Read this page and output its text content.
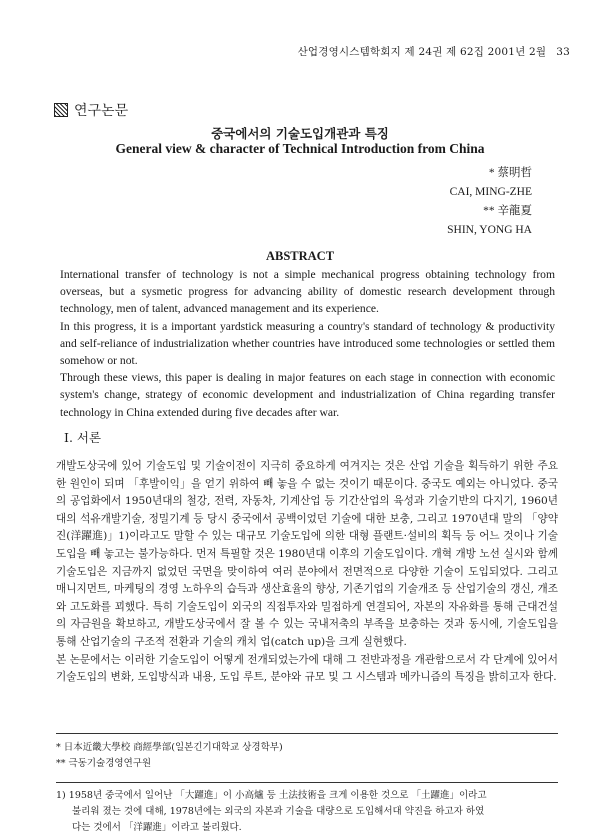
산업경영시스템학회지 제 24권 제 62집 2001년 2월 33
연구논문
중국에서의 기술도입개관과 특징
General view & character of Technical Introduction from China
* 蔡明哲
CAI, MING-ZHE
** 辛龍夏
SHIN, YONG HA
ABSTRACT

International transfer of technology is not a simple mechanical progress obtaining technology from overseas, but a sysmetic progress for advancing ability of domestic research development through technology, men of talent, advanced management and its experience.

In this progress, it is a important yardstick measuring a country's standard of technology & productivity and self-reliance of industrialization whether countries have introduced some technologies or settled them somehow or not.

Through these views, this paper is dealing in major features on each stage in connection with economic system's change, strategy of economic development and industrialization of China regarding transfer technology in China extended during five decades after war.

Ⅰ. 서론

개발도상국에 있어 기술도입 및 기술이전이 지극히 중요하게 여겨지는 것은 산업 기술을 획득하기 위한 주요한 원인이 되며 「후발이익」을 얻기 위하여 빼 놓을 수 없는 것이기 때문이다. 중국도 예외는 아니었다. 중국의 공업화에서 1950년대의 철강, 전력, 자동차, 기계산업 등 기간산업의 육성과 기술기반의 다지기, 1960년대의 석유개발기술, 정밀기계 등 당시 중국에서 공백이었던 기술에 대한 보충, 그리고 1970년대 말의 「양약진(洋躍進)」1)이라고도 말할 수 있는 대규모 기술도입에 의한 대형 플랜트·설비의 획득 등 어느 것이나 기술도입을 빼 놓고는 불가능하다. 먼저 특필할 것은 1980년대 이후의 기술도입이다. 개혁 개방 노선 실시와 함께 기술도입은 지금까지 없었던 국면을 맞이하여 여러 분야에서 전면적으로 다양한 기술이 도입되었다. 그리고 매니지먼트, 마케팅의 경영 노하우의 습득과 생산효율의 향상, 기존기업의 기술개조 등 산업기술의 갱신, 개조와 고도화를 꾀했다. 특히 기술도입이 외국의 직접투자와 밀접하게 연결되어, 자본의 자유화를 통해 근대건설의 자금원을 확보하고, 개발도상국에서 잘 볼 수 있는 국내저축의 부족을 보충하는 것과 동시에, 기술도입을 통해 산업기술의 구조적 전환과 기술의 캐치 업(catch up)을 크게 실현했다.

본 논문에서는 이러한 기술도입이 어떻게 전개되었는가에 대해 그 전반과정을 개관함으로서 각 단계에 있어서 기술도입의 변화, 도입방식과 내용, 도입 루트, 분야와 규모 및 그 시스템과 메카니즘의 특징을 밝히고자 한다.

* 日本近畿大學校 商經學部(일본긴기대학교 상경학부)
** 극동기술경영연구원
1) 1958년 중국에서 일어난 「大躍進」이 小高爐 등 土法技術을 크게 이용한 것으로 「土躍進」이라고
불리워 졌는 것에 대해, 1978년에는 외국의 자본과 기술을 대량으로 도입해서대 약진을 하고자 하였
다는 것에서 「洋躍進」이라고 불리웠다.
